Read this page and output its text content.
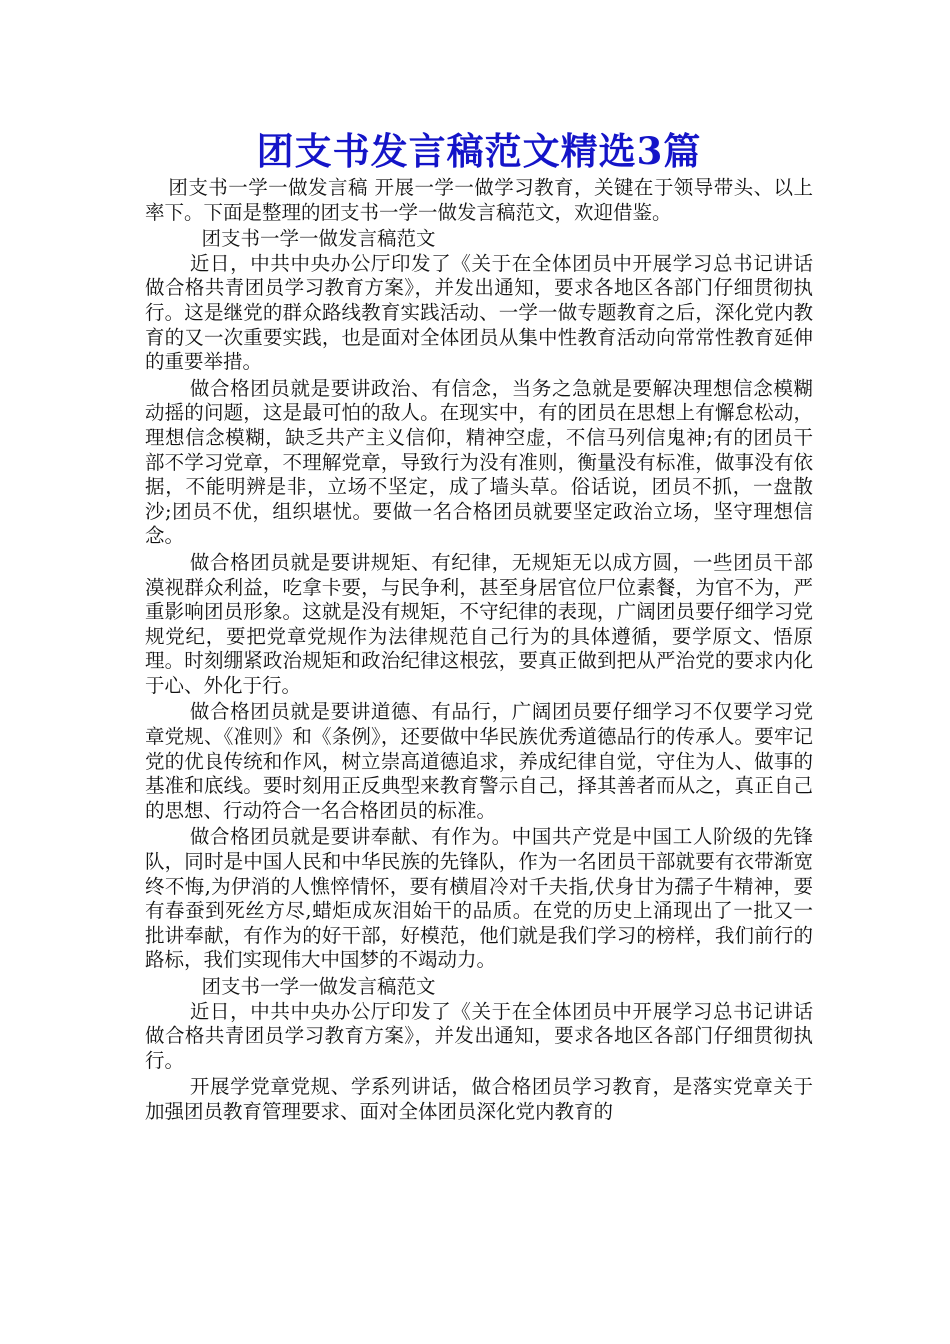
团支书发言稿范文精选3篇

团支书一学一做发言稿 开展一学一做学习教育，关键在于领导带头、以上率下。下面是整理的团支书一学一做发言稿范文，欢迎借鉴。

团支书一学一做发言稿范文

近日，中共中央办公厅印发了《关于在全体团员中开展学习总书记讲话 做合格共青团员学习教育方案》，并发出通知，要求各地区各部门仔细贯彻执行。这是继党的群众路线教育实践活动、一学一做专题教育之后，深化党内教育的又一次重要实践，也是面对全体团员从集中性教育活动向常常性教育延伸的重要举措。

做合格团员就是要讲政治、有信念，当务之急就是要解决理想信念模糊动摇的问题，这是最可怕的敌人。在现实中，有的团员在思想上有懈怠松动，理想信念模糊，缺乏共产主义信仰，精神空虚，不信马列信鬼神;有的团员干部不学习党章，不理解党章，导致行为没有准则，衡量没有标准，做事没有依据，不能明辨是非，立场不坚定，成了墙头草。俗话说，团员不抓，一盘散沙;团员不优，组织堪忧。要做一名合格团员就要坚定政治立场，坚守理想信念。

做合格团员就是要讲规矩、有纪律，无规矩无以成方圆，一些团员干部漠视群众利益，吃拿卡要，与民争利，甚至身居官位尸位素餐，为官不为，严重影响团员形象。这就是没有规矩，不守纪律的表现，广阔团员要仔细学习党规党纪，要把党章党规作为法律规范自己行为的具体遵循，要学原文、悟原理。时刻绷紧政治规矩和政治纪律这根弦，要真正做到把从严治党的要求内化于心、外化于行。

做合格团员就是要讲道德、有品行，广阔团员要仔细学习不仅要学习党章党规、《准则》和《条例》，还要做中华民族优秀道德品行的传承人。要牢记党的优良传统和作风，树立崇高道德追求，养成纪律自觉，守住为人、做事的基准和底线。要时刻用正反典型来教育警示自己，择其善者而从之，真正自己的思想、行动符合一名合格团员的标准。

做合格团员就是要讲奉献、有作为。中国共产党是中国工人阶级的先锋队，同时是中国人民和中华民族的先锋队，作为一名团员干部就要有衣带渐宽终不悔,为伊消的人憔悴情怀，要有横眉冷对千夫指,伏身甘为孺子牛精神，要有春蚕到死丝方尽,蜡炬成灰泪始干的品质。在党的历史上涌现出了一批又一批讲奉献，有作为的好干部，好模范，他们就是我们学习的榜样，我们前行的路标，我们实现伟大中国梦的不竭动力。

团支书一学一做发言稿范文

近日，中共中央办公厅印发了《关于在全体团员中开展学习总书记讲话 做合格共青团员学习教育方案》，并发出通知，要求各地区各部门仔细贯彻执行。

开展学党章党规、学系列讲话，做合格团员学习教育，是落实党章关于加强团员教育管理要求、面对全体团员深化党内教育的
